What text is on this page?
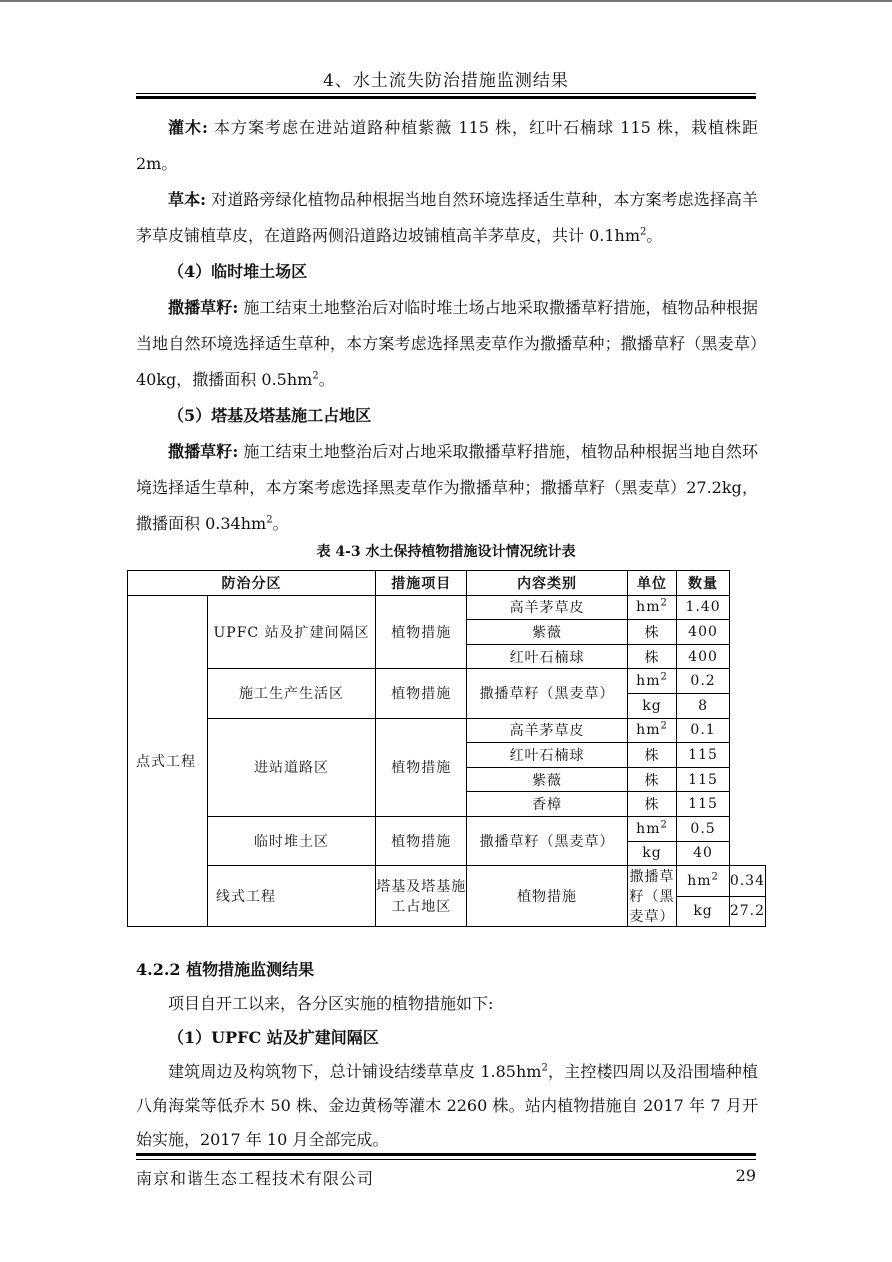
4、水土流失防治措施监测结果

灌木: 本方案考虑在进站道路种植紫薇 115 株，红叶石楠球 115 株，栽植株距 2m。

草本: 对道路旁绿化植物品种根据当地自然环境选择适生草种，本方案考虑选择高羊茅草皮铺植草皮，在道路两侧沿道路边坡铺植高羊茅草皮，共计 $0.1hm^2$。

（4）临时堆土场区

撒播草籽: 施工结束土地整治后对临时堆土场占地采取撒播草籽措施，植物品种根据当地自然环境选择适生草种，本方案考虑选择黑麦草作为撒播草种；撒播草籽（黑麦草）40kg，撒播面积 $0.5hm^2$。

（5）塔基及塔基施工占地区

撒播草籽: 施工结束土地整治后对占地采取撒播草籽措施，植物品种根据当地自然环境选择适生草种，本方案考虑选择黑麦草作为撒播草种；撒播草籽（黑麦草）27.2kg，撒播面积 $0.34hm^2$。

表 4-3 水土保持植物措施设计情况统计表
防治分区		措施项目	内容类别	单位	数量	
点式工程	UPFC 站及扩建间隔区	植物措施	高羊茅草皮	$hm^2$	1.40	
			紫薇	株	400	
			红叶石楠球	株	400	
	施工生产生活区	植物措施	撒播草籽（黑麦草）	$hm^2$	0.2	
				kg	8	
	进站道路区	植物措施	高羊茅草皮	$hm^2$	0.1	
			红叶石楠球	株	115	
			紫薇	株	115	
			香樟	株	115	
	临时堆土区	植物措施	撒播草籽（黑麦草）	$hm^2$	0.5	
				kg	40	
	线式工程	塔基及塔基施工占地区	植物措施	撒播草籽（黑麦草）	$hm^2$	0.34
					kg	27.2
4.2.2 植物措施监测结果

项目自开工以来，各分区实施的植物措施如下:

（1）UPFC 站及扩建间隔区

建筑周边及构筑物下，总计铺设结缕草草皮 $1.85hm^2$，主控楼四周以及沿围墙种植八角海棠等低乔木 50 株、金边黄杨等灌木 2260 株。站内植物措施自 2017 年 7 月开始实施，2017 年 10 月全部完成。

南京和谐生态工程技术有限公司	29
